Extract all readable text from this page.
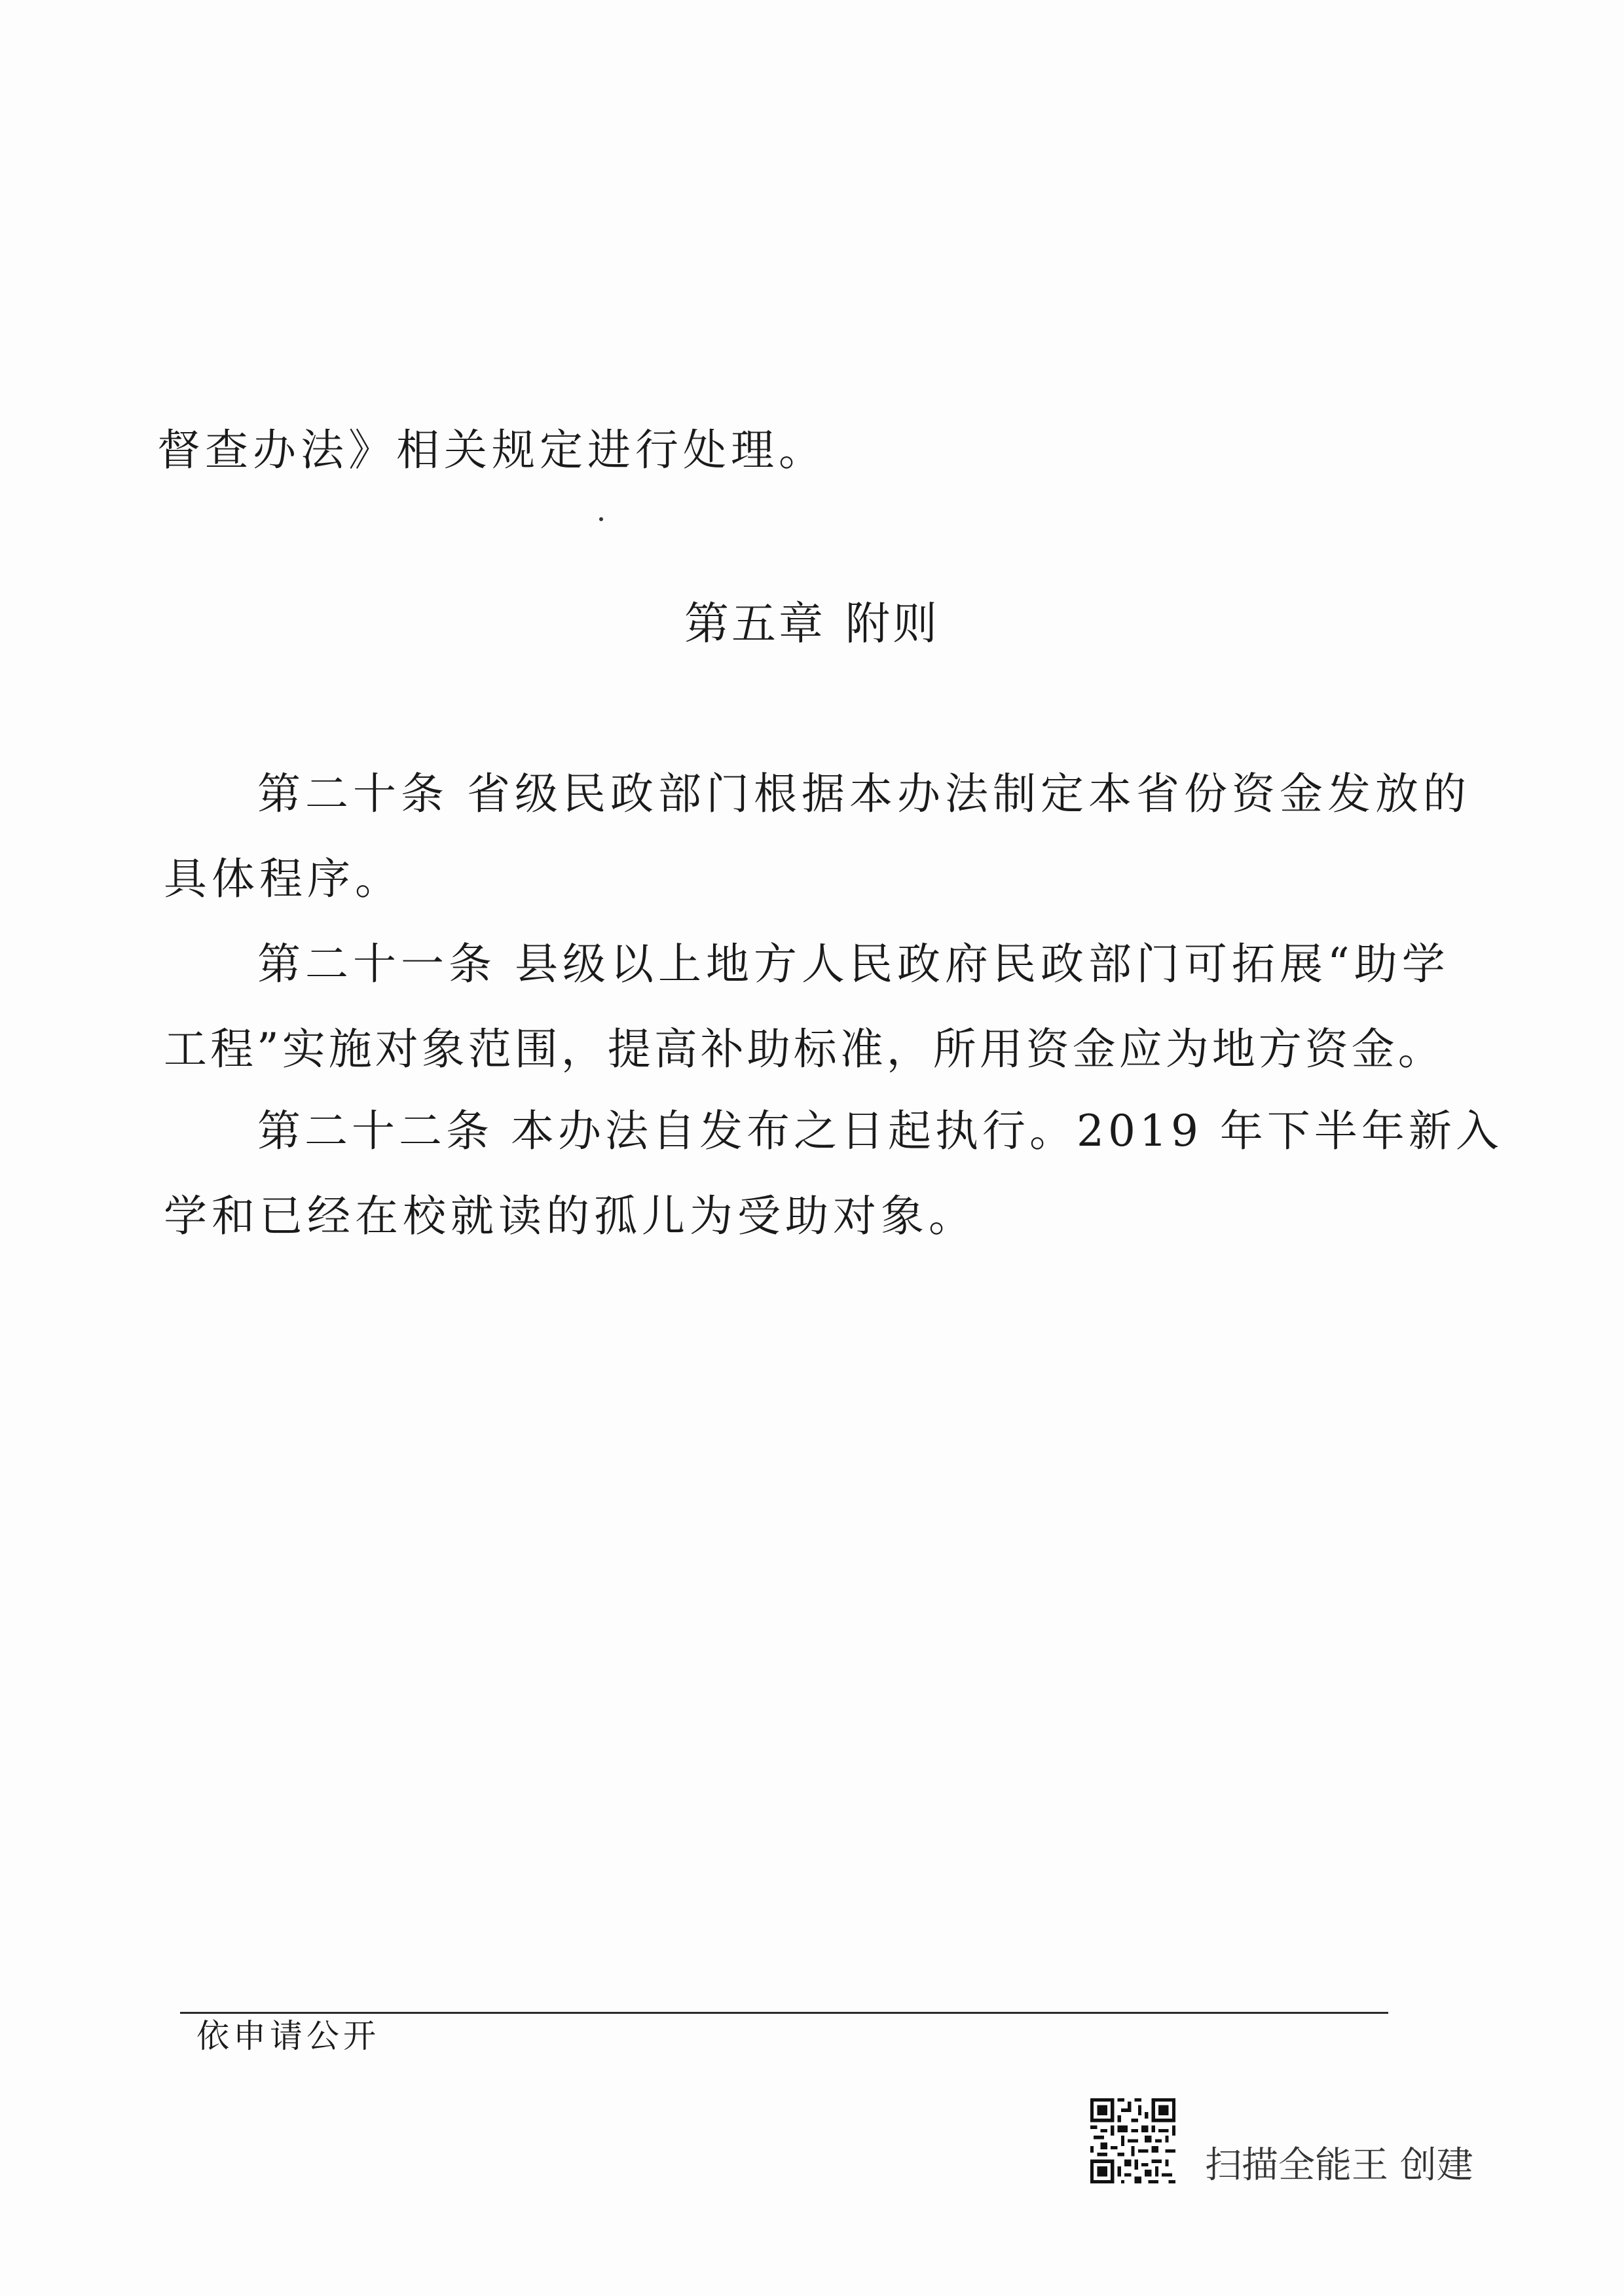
督查办法》相关规定进行处理。
第五章 附则
第二十条 省级民政部门根据本办法制定本省份资金发放的
具体程序。
第二十一条 县级以上地方人民政府民政部门可拓展“助学
工程”实施对象范围，提高补助标准，所用资金应为地方资金。
第二十二条 本办法自发布之日起执行。2019 年下半年新入
学和已经在校就读的孤儿为受助对象。
依申请公开
扫描全能王 创建
